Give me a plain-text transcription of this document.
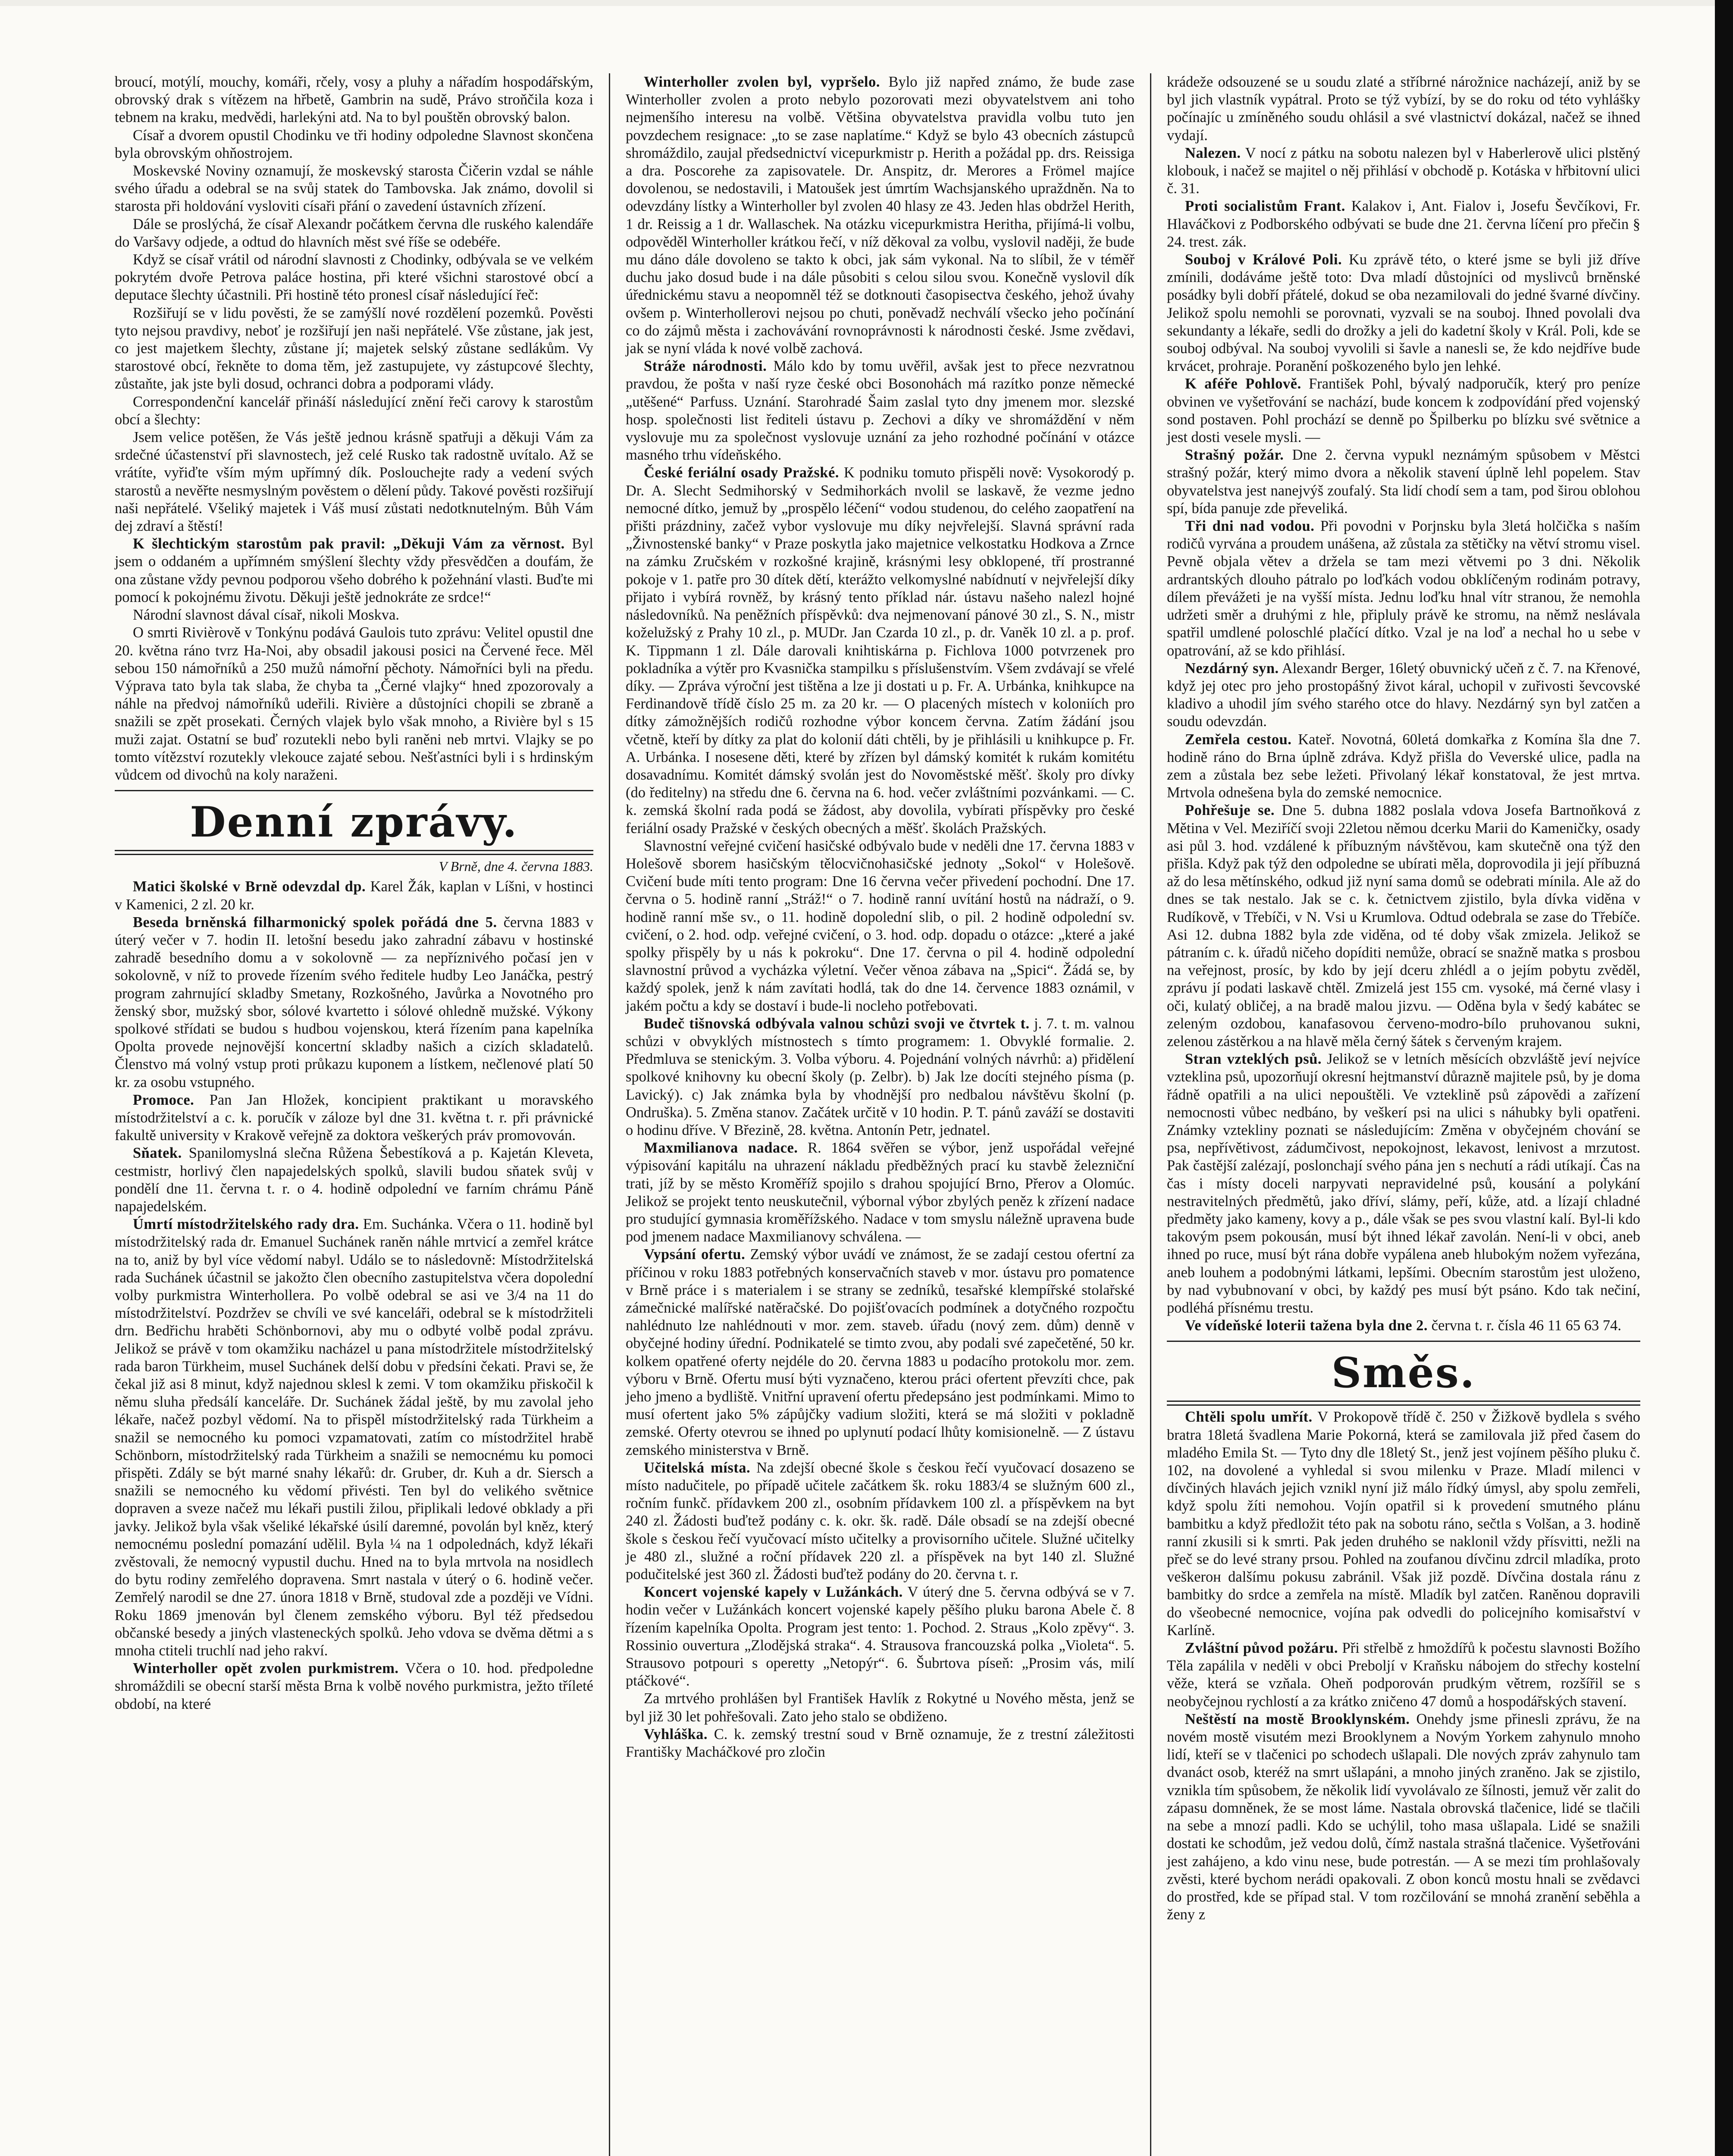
broucí, motýlí, mouchy, komáři, rčely, vosy a pluhy a nářadím hospodářským, obrovský drak s vítězem na hřbetě, Gambrin na sudě, Právo stroňčila koza i tebnem na kraku, medvědi, harlekýni atd. Na to byl pouštěn obrovský balon.

Císař a dvorem opustil Chodinku ve tři hodiny odpoledne Slavnost skončena byla obrovským ohňostrojem.

Moskevské Noviny oznamují, že moskevský starosta Čičerin vzdal se náhle svého úřadu a odebral se na svůj statek do Tambovska. Jak známo, dovolil si starosta při holdování vysloviti císaři přání o zavedení ústavních zřízení.

Dále se proslýchá, že císař Alexandr počátkem června dle ruského kalendáře do Varšavy odjede, a odtud do hlavních měst své říše se odebéře.

Když se císař vrátil od národní slavnosti z Chodinky, odbývala se ve velkém pokrytém dvoře Petrova paláce hostina, při které všichni starostové obcí a deputace šlechty účastnili. Při hostině této pronesl císař následující řeč:

Rozšiřují se v lidu pověsti, že se zamýšlí nové rozdělení pozemků. Pověsti tyto nejsou pravdivy, neboť je rozšiřují jen naši nepřátelé. Vše zůstane, jak jest, co jest majetkem šlechty, zůstane jí; majetek selský zůstane sedlákům. Vy starostové obcí, řekněte to doma těm, jež zastupujete, vy zástupcové šlechty, zůstaňte, jak jste byli dosud, ochranci dobra a podporami vlády.

Correspondenční kancelář přináší následující znění řeči carovy k starostům obcí a šlechty:

Jsem velice potěšen, že Vás ještě jednou krásně spatřuji a děkuji Vám za srdečné účastenství při slavnostech, jež celé Rusko tak radostně uvítalo. Až se vrátíte, vyřiďte vším mým upřímný dík. Poslouchejte rady a vedení svých starostů a nevěřte nesmyslným pověstem o dělení půdy. Takové pověsti rozšiřují naši nepřátelé. Všeliký majetek i Váš musí zůstati nedotknutelným. Bůh Vám dej zdraví a štěstí!

K šlechtickým starostům pak pravil: „Děkuji Vám za věrnost. Byl jsem o oddaném a upřímném smýšlení šlechty vždy přesvědčen a doufám, že ona zůstane vždy pevnou podporou všeho dobrého k požehnání vlasti. Buďte mi pomocí k pokojnému životu. Děkuji ještě jednokráte ze srdce!“

Národní slavnost dával císař, nikoli Moskva.

O smrti Rivièrově v Tonkýnu podává Gaulois tuto zprávu: Velitel opustil dne 20. května ráno tvrz Ha-Noi, aby obsadil jakousi posici na Červené řece. Měl sebou 150 námořníků a 250 mužů námořní pěchoty. Námořníci byli na předu. Výprava tato byla tak slaba, že chyba ta „Černé vlajky“ hned zpozorovaly a náhle na předvoj námořníků udeřili. Rivière a důstojníci chopili se zbraně a snažili se zpět prosekati. Černých vlajek bylo však mnoho, a Rivière byl s 15 muži zajat. Ostatní se buď rozutekli nebo byli raněni neb mrtvi. Vlajky se po tomto vítězství rozutekly vlekouce zajaté sebou. Nešťastníci byli i s hrdinským vůdcem od divochů na koly naraženi.

Denní zprávy.
V Brně, dne 4. června 1883.

Matici školské v Brně odevzdal dp. Karel Žák, kaplan v Líšni, v hostinci v Kamenici, 2 zl. 20 kr.

Beseda brněnská filharmonický spolek pořádá dne 5. června 1883 v úterý večer v 7. hodin II. letošní besedu jako zahradní zábavu v hostinské zahradě besedního domu a v sokolovně — za nepříznivého počasí jen v sokolovně, v níž to provede řízením svého ředitele hudby Leo Janáčka, pestrý program zahrnující skladby Smetany, Rozkošného, Javůrka a Novotného pro ženský sbor, mužský sbor, sólové kvartetto i sólové ohledně mužské. Výkony spolkové střídati se budou s hudbou vojenskou, která řízením pana kapelníka Opolta provede nejnovější koncertní skladby našich a cizích skladatelů. Členstvo má volný vstup proti průkazu kuponem a lístkem, nečlenové platí 50 kr. za osobu vstupného.

Promoce. Pan Jan Hložek, koncipient praktikant u moravského místodržitelství a c. k. poručík v záloze byl dne 31. května t. r. při právnické fakultě university v Krakově veřejně za doktora veškerých práv promovován.

Sňatek. Spanilomyslná slečna Růžena Šebestíková a p. Kajetán Kleveta, cestmistr, horlivý člen napajedelských spolků, slavili budou sňatek svůj v pondělí dne 11. června t. r. o 4. hodině odpolední ve farním chrámu Páně napajedelském.

Úmrtí místodržitelského rady dra. Em. Suchánka. Včera o 11. hodině byl místodržitelský rada dr. Emanuel Suchánek raněn náhle mrtvicí a zemřel krátce na to, aniž by byl více vědomí nabyl. Událo se to následovně: Místodržitelská rada Suchánek účastnil se jakožto člen obecního zastupitelstva včera dopolední volby purkmistra Winterhollera. Po volbě odebral se asi ve 3/4 na 11 do místodržitelství. Pozdržev se chvíli ve své kanceláři, odebral se k místodržiteli drn. Bedřichu hraběti Schönbornovi, aby mu o odbyté volbě podal zprávu. Jelikož se právě v tom okamžiku nacházel u pana místodržitele místodržitelský rada baron Türkheim, musel Suchánek delší dobu v předsíni čekati. Pravi se, že čekal již asi 8 minut, když najednou sklesl k zemi. V tom okamžiku přiskočil k němu sluha předsálí kanceláře. Dr. Suchánek žádal ještě, by mu zavolal jeho lékaře, načež pozbyl vědomí. Na to přispěl místodržitelský rada Türkheim a snažil se nemocného ku pomoci vzpamatovati, zatím co místodržitel hrabě Schönborn, místodržitelský rada Türkheim a snažili se nemocnému ku pomoci přispěti. Zdály se být marné snahy lékařů: dr. Gruber, dr. Kuh a dr. Siersch a snažili se nemocného ku vědomí přivésti. Ten byl do velikého světnice dopraven a sveze načež mu lékaři pustili žilou, připlikali ledové obklady a při javky. Jelikož byla však všeliké lékařské úsilí daremné, povolán byl kněz, který nemocnému poslední pomazání udělil. Byla ¼ na 1 odpolednách, když lékaři zvěstovali, že nemocný vypustil duchu. Hned na to byla mrtvola na nosidlech do bytu rodiny zemřelého dopravena. Smrt nastala v úterý o 6. hodině večer. Zemřelý narodil se dne 27. února 1818 v Brně, studoval zde a později ve Vídni. Roku 1869 jmenován byl členem zemského výboru. Byl též předsedou občanské besedy a jiných vlasteneckých spolků. Jeho vdova se dvěma dětmi a s mnoha ctiteli truchlí nad jeho rakví.

Winterholler opět zvolen purkmistrem. Včera o 10. hod. předpoledne shromáždili se obecní starší města Brna k volbě nového purkmistra, ježto tříleté období, na které

Winterholler zvolen byl, vypršelo. Bylo již napřed známo, že bude zase Winterholler zvolen a proto nebylo pozorovati mezi obyvatelstvem ani toho nejmenšího interesu na volbě. Většina obyvatelstva pravidla volbu tuto jen povzdechem resignace: „to se zase naplatíme.“ Když se bylo 43 obecních zástupců shromáždilo, zaujal předsednictví vicepurkmistr p. Herith a požádal pp. drs. Reissiga a dra. Poscorehe za zapisovatele. Dr. Anspitz, dr. Merores a Frömel majíce dovolenou, se nedostavili, i Matoušek jest úmrtím Wachsjanského upraždněn. Na to odevzdány lístky a Winterholler byl zvolen 40 hlasy ze 43. Jeden hlas obdržel Herith, 1 dr. Reissig a 1 dr. Wallaschek. Na otázku vicepurkmistra Heritha, přijímá-li volbu, odpověděl Winterholler krátkou řečí, v níž děkoval za volbu, vyslovil naději, že bude mu dáno dále dovoleno se takto k obci, jak sám vykonal. Na to slíbil, že v téměř duchu jako dosud bude i na dále působiti s celou silou svou. Konečně vyslovil dík úřednickému stavu a neopomněl též se dotknouti časopisectva českého, jehož úvahy ovšem p. Winterhollerovi nejsou po chuti, poněvadž nechválí všecko jeho počínání co do zájmů města i zachovávání rovnoprávnosti k národnosti české. Jsme zvědavi, jak se nyní vláda k nové volbě zachová.

Stráže národnosti. Málo kdo by tomu uvěřil, avšak jest to přece nezvratnou pravdou, že pošta v naší ryze české obci Bosonohách má razítko ponze německé „utěšené“ Parfuss. Uznání. Starohradé Šaim zaslal tyto dny jmenem mor. slezské hosp. společnosti list řediteli ústavu p. Zechovi a díky ve shromáždění v něm vyslovuje mu za společnost vyslovuje uznání za jeho rozhodné počínání v otázce masného trhu vídeňského.

České feriální osady Pražské. K podniku tomuto přispěli nově: Vysokorodý p. Dr. A. Slecht Sedmihorský v Sedmihorkách nvolil se laskavě, že vezme jedno nemocné dítko, jemuž by „prospělo léčení“ vodou studenou, do celého zaopatření na přišti prázdniny, začež vybor vyslovuje mu díky nejvřelejší. Slavná správní rada „Živnostenské banky“ v Praze poskytla jako majetnice velkostatku Hodkova a Zrnce na zámku Zručském v rozkošné krajině, krásnými lesy obklopené, tří prostranné pokoje v 1. patře pro 30 dítek dětí, kterážto velkomyslné nabídnutí v nejvřelejší díky přijato i vybírá rovněž, by krásný tento příklad nár. ústavu našeho nalezl hojné následovníků. Na peněžních příspěvků: dva nejmenovaní pánové 30 zl., S. N., mistr koželužský z Prahy 10 zl., p. MUDr. Jan Czarda 10 zl., p. dr. Vaněk 10 zl. a p. prof. K. Tippmann 1 zl. Dále darovali knihtiskárna p. Fichlova 1000 potvrzenek pro pokladníka a výtěr pro Kvasnička stampilku s příslušenstvím. Všem zvdávají se vřelé díky. — Zpráva výroční jest tištěna a lze ji dostati u p. Fr. A. Urbánka, knihkupce na Ferdinandově třídě číslo 25 m. za 20 kr. — O placených místech v koloniích pro dítky zámožnějších rodičů rozhodne výbor koncem června. Zatím žádání jsou včetně, kteří by dítky za plat do kolonií dáti chtěli, by je přihlásili u knihkupce p. Fr. A. Urbánka. I nosesene děti, které by zřízen byl dámský komitét k rukám komitétu dosavadnímu. Komitét dámský svolán jest do Novoměstské měšť. školy pro dívky (do ředitelny) na středu dne 6. června na 6. hod. večer zvláštními pozvánkami. — C. k. zemská školní rada podá se žádost, aby dovolila, vybírati příspěvky pro české feriální osady Pražské v českých obecných a měšť. školách Pražských.

Slavnostní veřejné cvičení hasičské odbývalo bude v neděli dne 17. června 1883 v Holešově sborem hasičským tělocvičnohasičské jednoty „Sokol“ v Holešově. Cvičení bude míti tento program: Dne 16 června večer přivedení pochodní. Dne 17. června o 5. hodině ranní „Stráž!“ o 7. hodině ranní uvítání hostů na nádraží, o 9. hodině ranní mše sv., o 11. hodině dopolední slib, o pil. 2 hodině odpolední sv. cvičení, o 2. hod. odp. veřejné cvičení, o 3. hod. odp. dopadu o otázce: „které a jaké spolky přispěly by u nás k pokroku“. Dne 17. června o pil 4. hodině odpolední slavnostní průvod a vycházka výletní. Večer věnoa zábava na „Spici“. Žádá se, by každý spolek, jenž k nám zavítati hodlá, tak do dne 14. července 1883 oznámil, v jakém počtu a kdy se dostaví i bude-li nocleho potřebovati.

Budeč tišnovská odbývala valnou schůzi svoji ve čtvrtek t. j. 7. t. m. valnou schůzi v obvyklých místnostech s tímto programem: 1. Obvyklé formalie. 2. Předmluva se stenickým. 3. Volba výboru. 4. Pojednání volných návrhů: a) přidělení spolkové knihovny ku obecní školy (p. Zelbr). b) Jak lze docíti stejného písma (p. Lavický). c) Jak známka byla by vhodnější pro nedbalou návštěvu školní (p. Ondruška). 5. Změna stanov. Začátek určitě v 10 hodin. P. T. pánů zaváží se dostaviti o hodinu dříve. V Březině, 28. května. Antonín Petr, jednatel.

Maxmilianova nadace. R. 1864 svěřen se výbor, jenž uspořádal veřejné výpisování kapitálu na uhrazení nákladu předběžných prací ku stavbě železniční trati, jíž by se město Kroměříž spojilo s drahou spojující Brno, Přerov a Olomúc. Jelikož se projekt tento neuskutečnil, výbornal výbor zbylých peněz k zřízení nadace pro studující gymnasia kroměřížského. Nadace v tom smyslu náležně upravena bude pod jmenem nadace Maxmilianovy schválena. —

Vypsání ofertu. Zemský výbor uvádí ve známost, že se zadají cestou ofertní za příčinou v roku 1883 potřebných konservačních staveb v mor. ústavu pro pomatence v Brně práce i s materialem i se strany se zedníků, tesařské klempířské stolařské zámečnické malířské natěračské. Do pojišťovacích podmínek a dotyčného rozpočtu nahlédnuto lze nahlédnouti v mor. zem. staveb. úřadu (nový zem. dům) denně v obyčejné hodiny úřední. Podnikatelé se timto zvou, aby podali své zapečetěné, 50 kr. kolkem opatřené oferty nejdéle do 20. června 1883 u podacího protokolu mor. zem. výboru v Brně. Ofertu musí býti vyznačeno, kterou práci ofertent převzíti chce, pak jeho jmeno a bydliště. Vnitřní upravení ofertu předepsáno jest podmínkami. Mimo to musí ofertent jako 5% zápůjčky vadium složiti, která se má složiti v pokladně zemské. Oferty otevrou se ihned po uplynutí podací lhůty komisionelně. — Z ústavu zemského ministerstva v Brně.

Učitelská místa. Na zdejší obecné škole s českou řečí vyučovací dosazeno se místo nadučitele, po případě učitele začátkem šk. roku 1883/4 se služným 600 zl., ročním funkč. přídavkem 200 zl., osobním přídavkem 100 zl. a příspěvkem na byt 240 zl. Žádosti buďtež podány c. k. okr. šk. radě. Dále obsadí se na zdejší obecné škole s českou řečí vyučovací místo učitelky a provisorního učitele. Služné učitelky je 480 zl., služné a roční přídavek 220 zl. a příspěvek na byt 140 zl. Služné podučitelské jest 360 zl. Žádosti buďtež podány do 20. června t. r.

Koncert vojenské kapely v Lužánkách. V úterý dne 5. června odbývá se v 7. hodin večer v Lužánkách koncert vojenské kapely pěšího pluku barona Abele č. 8 řízením kapelníka Opolta. Program jest tento: 1. Pochod. 2. Straus „Kolo zpěvy“. 3. Rossinio ouvertura „Zlodějská straka“. 4. Strausova francouzská polka „Violeta“. 5. Strausovo potpouri s operetty „Netopýr“. 6. Šubrtova píseň: „Prosim vás, milí ptáčkové“.

Za mrtvého prohlášen byl František Havlík z Rokytné u Nového města, jenž se byl již 30 let pohřešovali. Zato jeho stalo se obdiženo.

Vyhláška. C. k. zemský trestní soud v Brně oznamuje, že z trestní záležitosti Františky Macháčkové pro zločin

krádeže odsouzené se u soudu zlaté a stříbrné nárožnice nacházejí, aniž by se byl jich vlastník vypátral. Proto se týž vybízí, by se do roku od této vyhlášky počínajíc u zmíněného soudu ohlásil a své vlastnictví dokázal, načež se ihned vydají.

Nalezen. V nocí z pátku na sobotu nalezen byl v Haberlerově ulici plstěný klobouk, i načež se majitel o něj přihlásí v obchodě p. Kotáska v hřbitovní ulici č. 31.

Proti socialistům Frant. Kalakov i, Ant. Fialov i, Josefu Ševčíkovi, Fr. Hlaváčkovi z Podborského odbývati se bude dne 21. června líčení pro přečin § 24. trest. zák.

Souboj v Králové Poli. Ku zprávě této, o které jsme se byli již dříve zmínili, dodáváme ještě toto: Dva mladí důstojníci od myslivců brněnské posádky byli dobří přátelé, dokud se oba nezamilovali do jedné švarné dívčiny. Jelikož spolu nemohli se porovnati, vyzvali se na souboj. Ihned povolali dva sekundanty a lékaře, sedli do drožky a jeli do kadetní školy v Král. Poli, kde se souboj odbýval. Na souboj vyvolili si šavle a nanesli se, že kdo nejdříve bude krvácet, prohraje. Poranění poškozeného bylo jen lehké.

K aféře Pohlově. František Pohl, bývalý nadporučík, který pro peníze obvinen ve vyšetřování se nachází, bude koncem k zodpovídání před vojenský sond postaven. Pohl prochází se denně po Špilberku po blízku své světnice a jest dosti vesele mysli. —

Strašný požár. Dne 2. června vypukl neznámým spůsobem v Městci strašný požár, který mimo dvora a několik stavení úplně lehl popelem. Stav obyvatelstva jest nanejvýš zoufalý. Sta lidí chodí sem a tam, pod širou oblohou spí, bída panuje zde převeliká.

Tři dni nad vodou. Při povodni v Porjnsku byla 3letá holčička s naším rodičů vyrvána a proudem unášena, až zůstala za stětičky na větví stromu visel. Pevně objala větev a držela se tam mezi větvemi po 3 dni. Několik ardrantských dlouho pátralo po loďkách vodou obklíčeným rodinám potravy, dílem převážeti je na vyšší místa. Jednu loďku hnal vítr stranou, že nemohla udržeti směr a druhými z hle, připluly právě ke stromu, na němž neslávala spatřil umdlené poloschlé plačící dítko. Vzal je na loď a nechal ho u sebe v opatrování, až se kdo přihlásí.

Nezdárný syn. Alexandr Berger, 16letý obuvnický učeň z č. 7. na Křenové, když jej otec pro jeho prostopášný život káral, uchopil v zuřivosti ševcovské kladivo a uhodil jím svého starého otce do hlavy. Nezdárný syn byl zatčen a soudu odevzdán.

Zemřela cestou. Kateř. Novotná, 60letá domkařka z Komína šla dne 7. hodině ráno do Brna úplně zdráva. Když přišla do Veverské ulice, padla na zem a zůstala bez sebe ležeti. Přivolaný lékař konstatoval, že jest mrtva. Mrtvola odnešena byla do zemské nemocnice.

Pohřešuje se. Dne 5. dubna 1882 poslala vdova Josefa Bartnoňková z Mětina v Vel. Meziříčí svoji 22letou němou dcerku Marii do Kameničky, osady asi půl 3. hod. vzdálené k příbuzným návštěvou, kam skutečně ona týž den přišla. Když pak týž den odpoledne se ubírati měla, doprovodila ji její příbuzná až do lesa mětínského, odkud již nyní sama domů se odebrati mínila. Ale až do dnes se tak nestalo. Jak se c. k. četnictvem zjistilo, byla dívka viděna v Rudíkově, v Třebíči, v N. Vsi u Krumlova. Odtud odebrala se zase do Třebíče. Asi 12. dubna 1882 byla zde viděna, od té doby však zmizela. Jelikož se pátraním c. k. úřadů ničeho dopíditi nemůže, obrací se snažně matka s prosbou na veřejnost, prosíc, by kdo by její dceru zhlédl a o jejím pobytu zvěděl, zprávu jí podati laskavě chtěl. Zmizelá jest 155 cm. vysoké, má černé vlasy i oči, kulatý obličej, a na bradě malou jizvu. — Oděna byla v šedý kabátec se zeleným ozdobou, kanafasovou červeno-modro-bílo pruhovanou sukni, zelenou zástěrkou a na hlavě měla černý šátek s červeným krajem.

Stran vzteklých psů. Jelikož se v letních měsících obzvláště jeví nejvíce vzteklina psů, upozorňují okresní hejtmanství důrazně majitele psů, by je doma řádně opatřili a na ulici nepouštěli. Ve vzteklině psů zápovědi a zařízení nemocnosti vůbec nedbáno, by veškerí psi na ulici s náhubky byli opatřeni. Známky vztekliny poznati se následujícím: Změna v obyčejném chování se psa, nepřívětivost, zádumčivost, nepokojnost, lekavost, lenivost a mrzutost. Pak častější zalézají, poslonchají svého pána jen s nechutí a rádi utíkají. Čas na čas i místy doceli narpyvati nepravidelné psů, kousání a polykání nestravitelných předmětů, jako dříví, slámy, peří, kůže, atd. a lízají chladné předměty jako kameny, kovy a p., dále však se pes svou vlastní kalí. Byl-li kdo takovým psem pokousán, musí být ihned lékař zavolán. Není-li v obci, aneb ihned po ruce, musí být rána dobře vypálena aneb hlubokým nožem vyřezána, aneb louhem a podobnými látkami, lepšími. Obecním starostům jest uloženo, by nad vybubnovaní v obci, by každý pes musí být psáno. Kdo tak nečiní, podléhá přísnému trestu.

Ve vídeňské loterii tažena byla dne 2. června t. r. čísla 46 11 65 63 74.

Směs.

Chtěli spolu umřít. V Prokopově třídě č. 250 v Žižkově bydlela s svého bratra 18letá švadlena Marie Pokorná, která se zamilovala již před časem do mladého Emila St. — Tyto dny dle 18letý St., jenž jest vojínem pěšího pluku č. 102, na dovolené a vyhledal si svou milenku v Praze. Mladí milenci v dívčiných hlavách jejich vznikl nyní již málo řídký úmysl, aby spolu zemřeli, když spolu žíti nemohou. Vojín opatřil si k provedení smutného plánu bambitku a když předložit této pak na sobotu ráno, sečtla s Volšan, a 3. hodině ranní zkusili si k smrti. Pak jeden druhého se naklonil vždy přísvitti, nežli na přeč se do levé strany prsou. Pohled na zoufanou dívčinu zdrcil mladíka, proto veškeroн dalšímu pokusu zabránil. Však již pozdě. Dívčina dostala ránu z bambitky do srdce a zemřela na místě. Mladík byl zatčen. Raněnou dopravili do všeobecné nemocnice, vojína pak odvedli do policejního komisařství v Karlíně.

Zvláštní původ požáru. Při střelbě z hmoždířů k počestu slavnosti Božího Těla zapálila v neděli v obci Preboljí v Kraňsku nábojem do střechy kostelní věže, která se vzňala. Oheň podporován prudkým větrem, rozšířil se s neobyčejnou rychlostí a za krátko zničeno 47 domů a hospodářských stavení.

Neštěstí na mostě Brooklynském. Onehdy jsme přinesli zprávu, že na novém mostě visutém mezi Brooklynem a Novým Yorkem zahynulo mnoho lidí, kteří se v tlačenici po schodech ušlapali. Dle nových zpráv zahynulo tam dvanáct osob, kteréž na smrt ušlapáni, a mnoho jiných zraněno. Jak se zjistilo, vznikla tím spůsobem, že několik lidí vyvolávalo ze šílnosti, jemuž věr zalit do zápasu domněnek, že se most láme. Nastala obrovská tlačenice, lidé se tlačili na sebe a mnozí padli. Kdo se uchýlil, toho masa ušlapala. Lidé se snažili dostati ke schodům, jež vedou dolů, čímž nastala strašná tlačenice. Vyšetřováni jest zahájeno, a kdo vinu nese, bude potrestán. — A se mezi tím prohlašovaly zvěsti, které bychom nerádi opakovali. Z obon konců mostu hnali se zvědavci do prostřed, kde se případ stal. V tom rozčilování se mnohá zranění seběhla a ženy z
